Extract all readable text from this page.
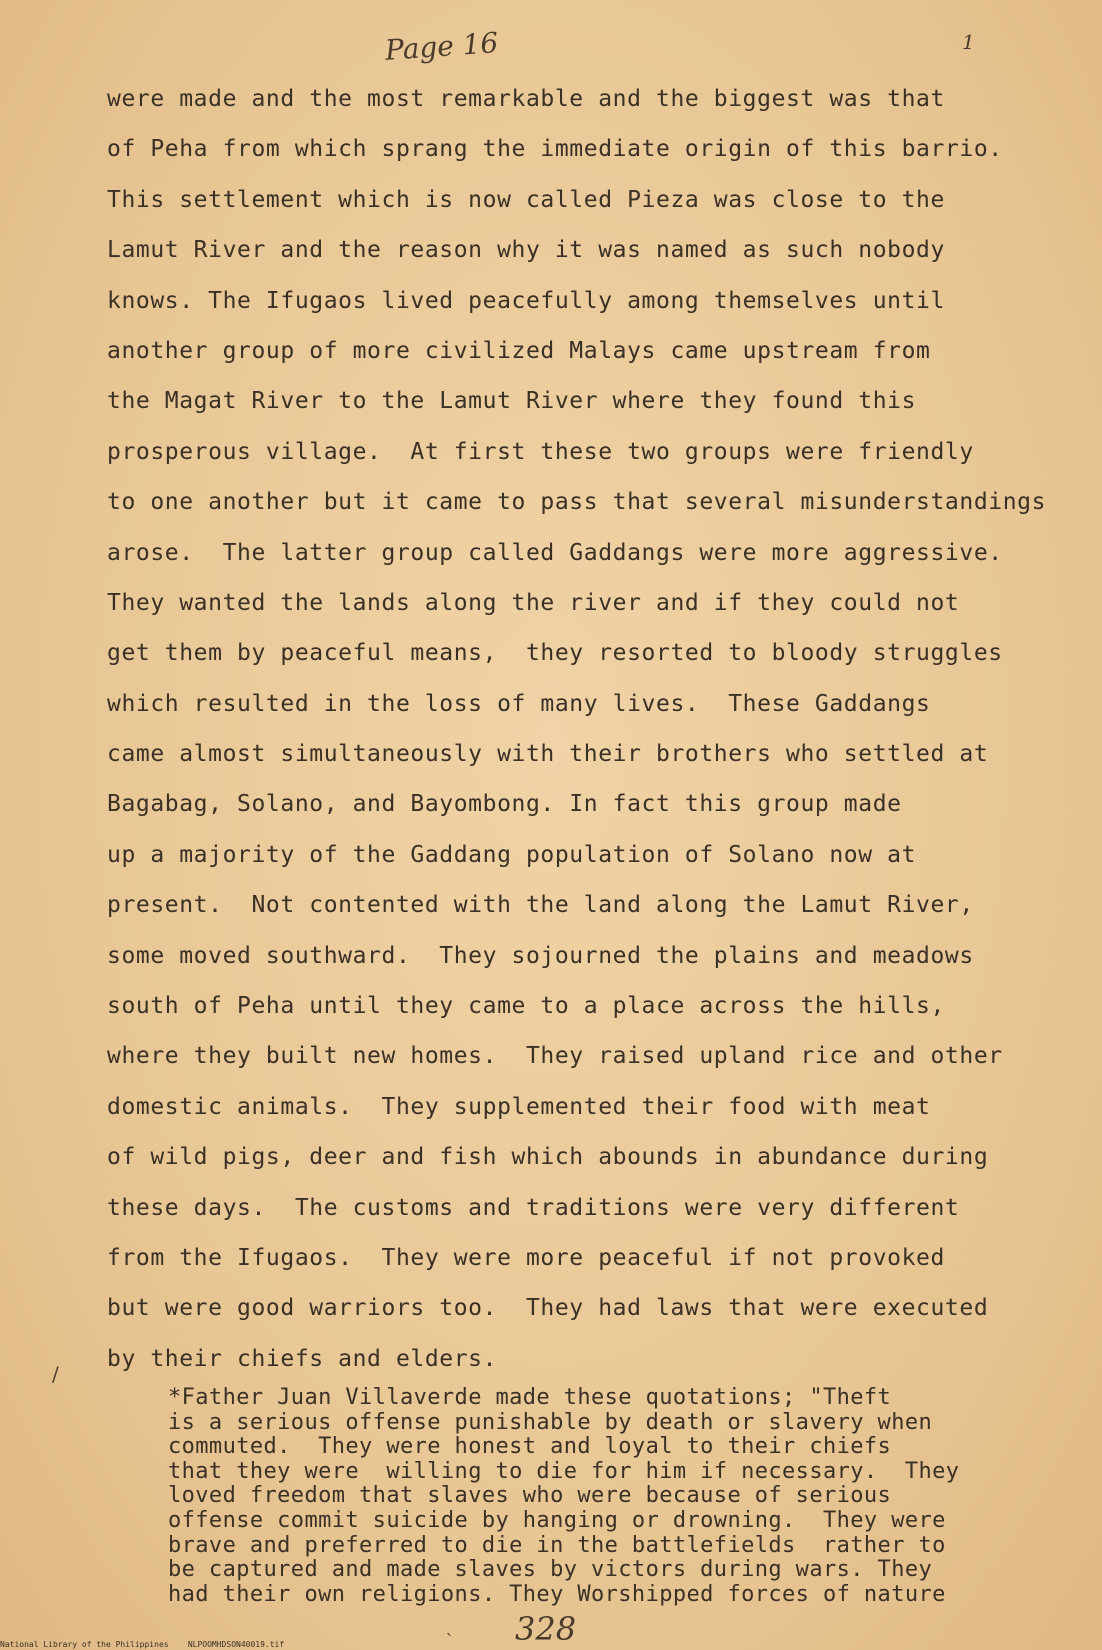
Page 16	1
were made and the most remarkable and the biggest was that
of Peha from which sprang the immediate origin of this barrio.
This settlement which is now called Pieza was close to the
Lamut River and the reason why it was named as such nobody
knows. The Ifugaos lived peacefully among themselves until
another group of more civilized Malays came upstream from
the Magat River to the Lamut River where they found this
prosperous village.  At first these two groups were friendly
to one another but it came to pass that several misunderstandings
arose.  The latter group called Gaddangs were more aggressive.
They wanted the lands along the river and if they could not
get them by peaceful means,  they resorted to bloody struggles
which resulted in the loss of many lives.  These Gaddangs
came almost simultaneously with their brothers who settled at
Bagabag, Solano, and Bayombong. In fact this group made
up a majority of the Gaddang population of Solano now at
present.  Not contented with the land along the Lamut River,
some moved southward.  They sojourned the plains and meadows
south of Peha until they came to a place across the hills,
where they built new homes.  They raised upland rice and other
domestic animals.  They supplemented their food with meat
of wild pigs, deer and fish which abounds in abundance during
these days.  The customs and traditions were very different
from the Ifugaos.  They were more peaceful if not provoked
but were good warriors too.  They had laws that were executed
by their chiefs and elders.
/
*Father Juan Villaverde made these quotations; "Theft
is a serious offense punishable by death or slavery when
commuted.  They were honest and loyal to their chiefs
that they were  willing to die for him if necessary.  They
loved freedom that slaves who were because of serious
offense commit suicide by hanging or drowning.  They were
brave and preferred to die in the battlefields  rather to
be captured and made slaves by victors during wars. They
had their own religions. They Worshipped forces of nature
ˎ 328
National Library of the Philippines    NLPOOMHDSON40019.tif
